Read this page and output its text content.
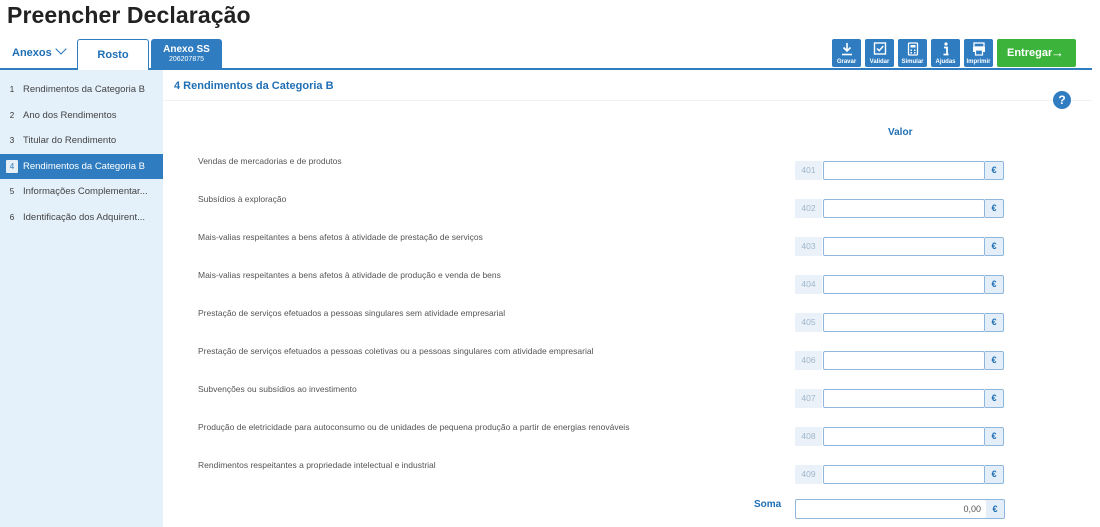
Preencher Declaração
Anexos	Rosto	Anexo SS
206207875	Gravar	Validar	Simular	Ajudas	Imprimir
Entregar
→
1 Rendimentos da Categoria B
2 Ano dos Rendimentos
3 Titular do Rendimento
4 Rendimentos da Categoria B
5 Informações Complementar...
6 Identificação dos Adquirent...
4 Rendimentos da Categoria B
?
Valor
Vendas de mercadorias e de produtos
401	€
Subsídios à exploração
402	€
Mais-valias respeitantes a bens afetos à atividade de prestação de serviços
403	€
Mais-valias respeitantes a bens afetos à atividade de produção e venda de bens
404	€
Prestação de serviços efetuados a pessoas singulares sem atividade empresarial
405	€
Prestação de serviços efetuados a pessoas coletivas ou a pessoas singulares com atividade empresarial
406	€
Subvenções ou subsídios ao investimento
407	€
Produção de eletricidade para autoconsumo ou de unidades de pequena produção a partir de energias renováveis
408	€
Rendimentos respeitantes a propriedade intelectual e industrial
409	€
Soma	0,00	€
